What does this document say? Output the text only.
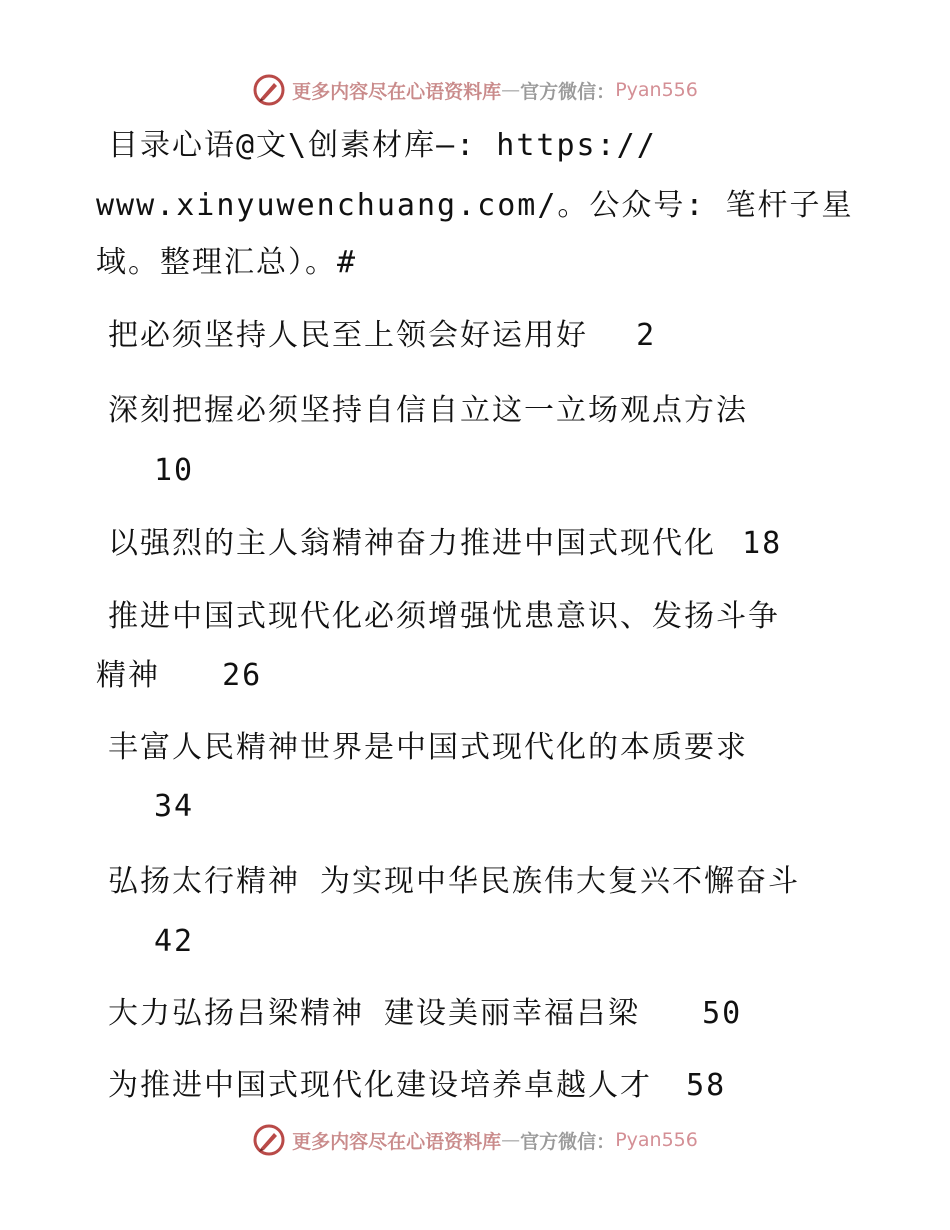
更多内容尽在心语资料库 — 官方微信： Pyan556
目录心语@文\创素材库—: https://
www.xinyuwenchuang.com/。公众号: 笔杆子星
域。整理汇总）。#
把必须坚持人民至上领会好运用好 2
深刻把握必须坚持自信自立这一立场观点方法
10
以强烈的主人翁精神奋力推进中国式现代化 18
推进中国式现代化必须增强忧患意识、发扬斗争
精神 26
丰富人民精神世界是中国式现代化的本质要求
34
弘扬太行精神 为实现中华民族伟大复兴不懈奋斗
42
大力弘扬吕梁精神 建设美丽幸福吕梁 50
为推进中国式现代化建设培养卓越人才 58
更多内容尽在心语资料库 — 官方微信： Pyan556
